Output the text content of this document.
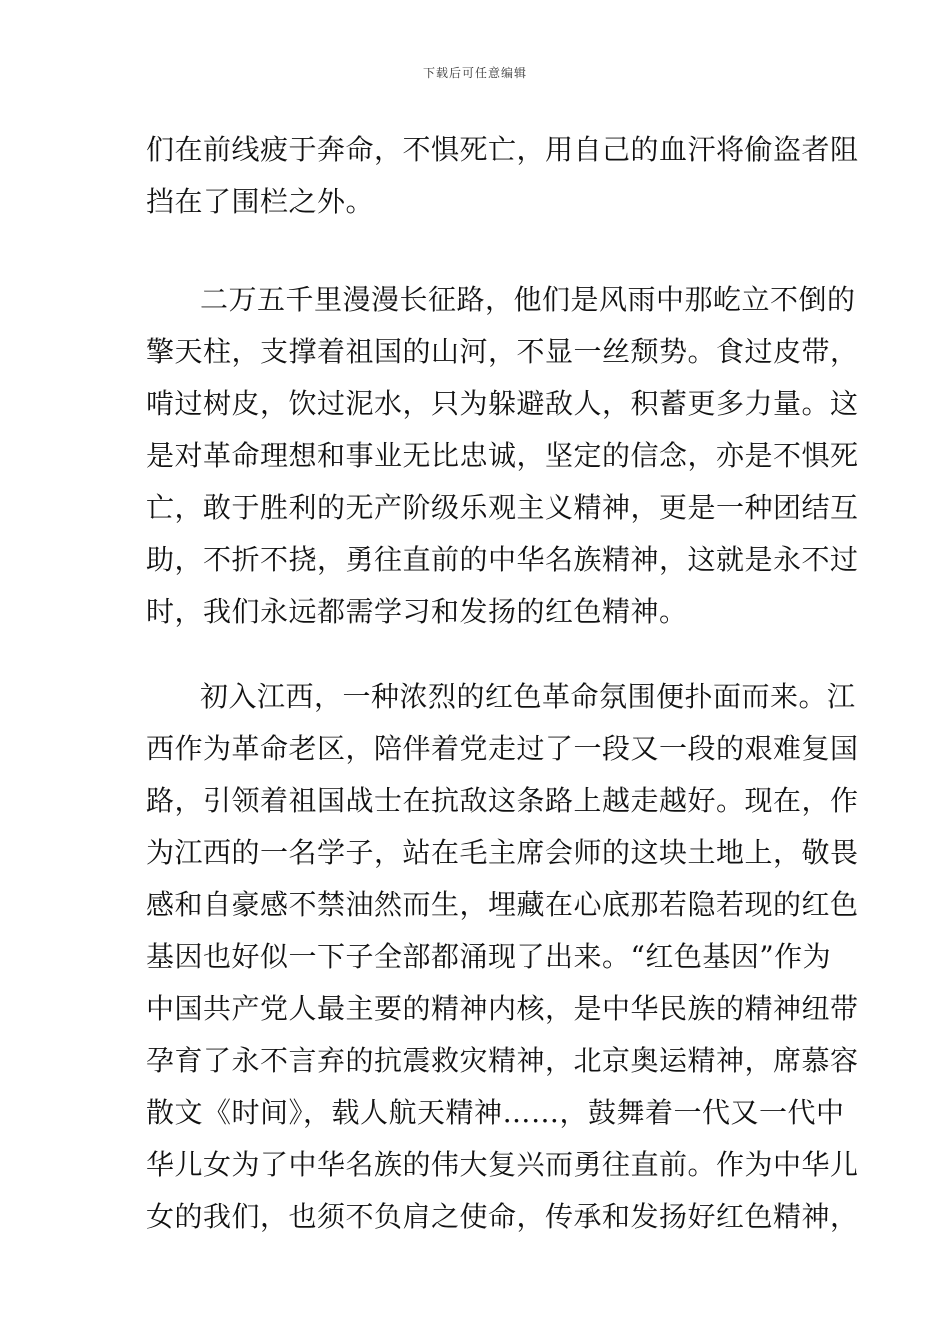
下载后可任意编辑
们在前线疲于奔命，不惧死亡，用自己的血汗将偷盗者阻
挡在了围栏之外。
二万五千里漫漫长征路，他们是风雨中那屹立不倒的
擎天柱，支撑着祖国的山河，不显一丝颓势。食过皮带，
啃过树皮，饮过泥水，只为躲避敌人，积蓄更多力量。这
是对革命理想和事业无比忠诚，坚定的信念，亦是不惧死
亡，敢于胜利的无产阶级乐观主义精神，更是一种团结互
助，不折不挠，勇往直前的中华名族精神，这就是永不过
时，我们永远都需学习和发扬的红色精神。
初入江西，一种浓烈的红色革命氛围便扑面而来。江
西作为革命老区，陪伴着党走过了一段又一段的艰难复国
路，引领着祖国战士在抗敌这条路上越走越好。现在，作
为江西的一名学子，站在毛主席会师的这块土地上，敬畏
感和自豪感不禁油然而生，埋藏在心底那若隐若现的红色
基因也好似一下子全部都涌现了出来。“红色基因”作为
中国共产党人最主要的精神内核，是中华民族的精神纽带
孕育了永不言弃的抗震救灾精神，北京奥运精神，席慕容
散文《时间》，载人航天精神……，鼓舞着一代又一代中
华儿女为了中华名族的伟大复兴而勇往直前。作为中华儿
女的我们，也须不负肩之使命，传承和发扬好红色精神，
